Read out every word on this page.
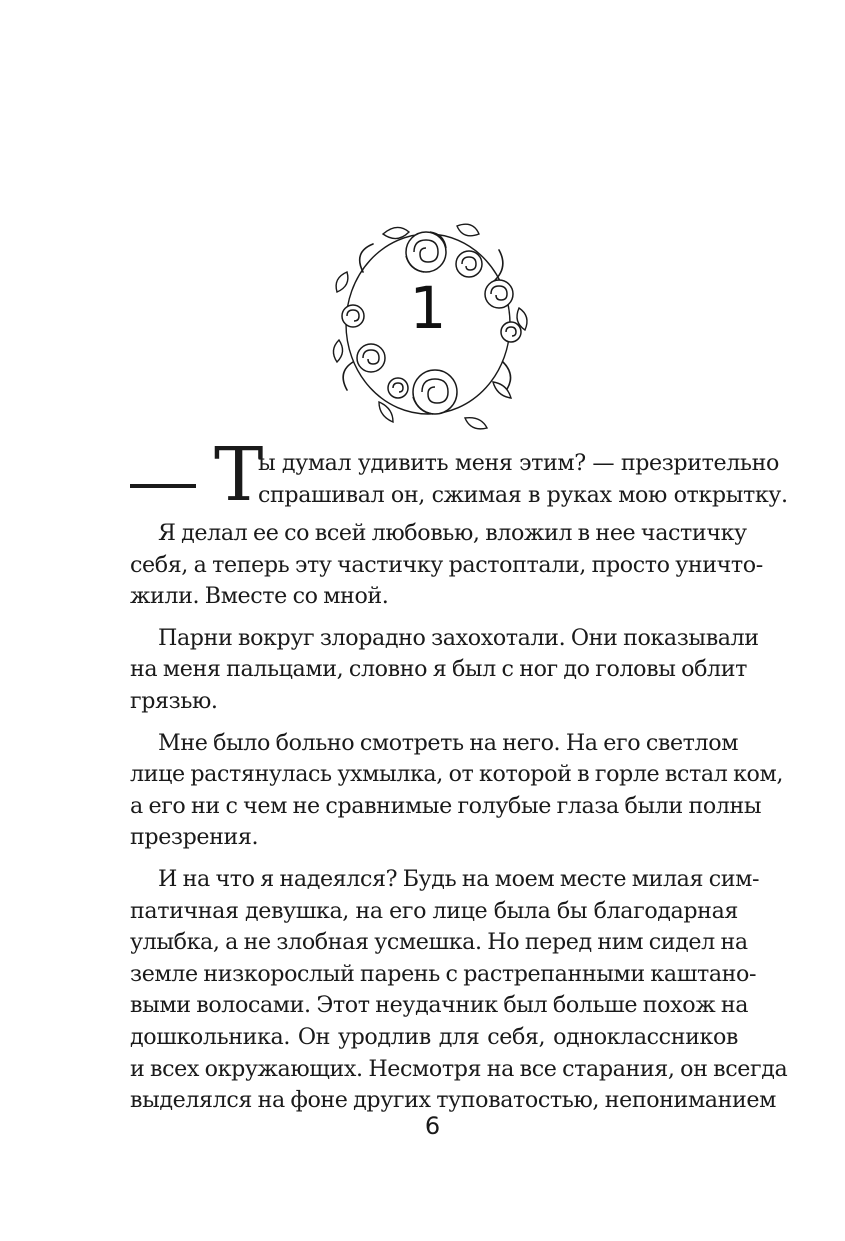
1
Т
ы думал удивить меня этим? — презрительно
спрашивал он, сжимая в руках мою открытку.

Я делал ее со всей любовью, вложил в нее частичку
себя, а теперь эту частичку растоптали, просто уничто-
жили. Вместе со мной.

Парни вокруг злорадно захохотали. Они показывали
на меня пальцами, словно я был с ног до головы облит
грязью.

Мне было больно смотреть на него. На его светлом
лице растянулась ухмылка, от которой в горле встал ком,
а его ни с чем не сравнимые голубые глаза были полны
презрения.

И на что я надеялся? Будь на моем месте милая сим-
патичная девушка, на его лице была бы благодарная
улыбка, а не злобная усмешка. Но перед ним сидел на
земле низкорослый парень с растрепанными каштано-
выми волосами. Этот неудачник был больше похож на
дошкольника. Он уродлив для себя, одноклассников
и всех окружающих. Несмотря на все старания, он всегда
выделялся на фоне других туповатостью, непониманием

6
